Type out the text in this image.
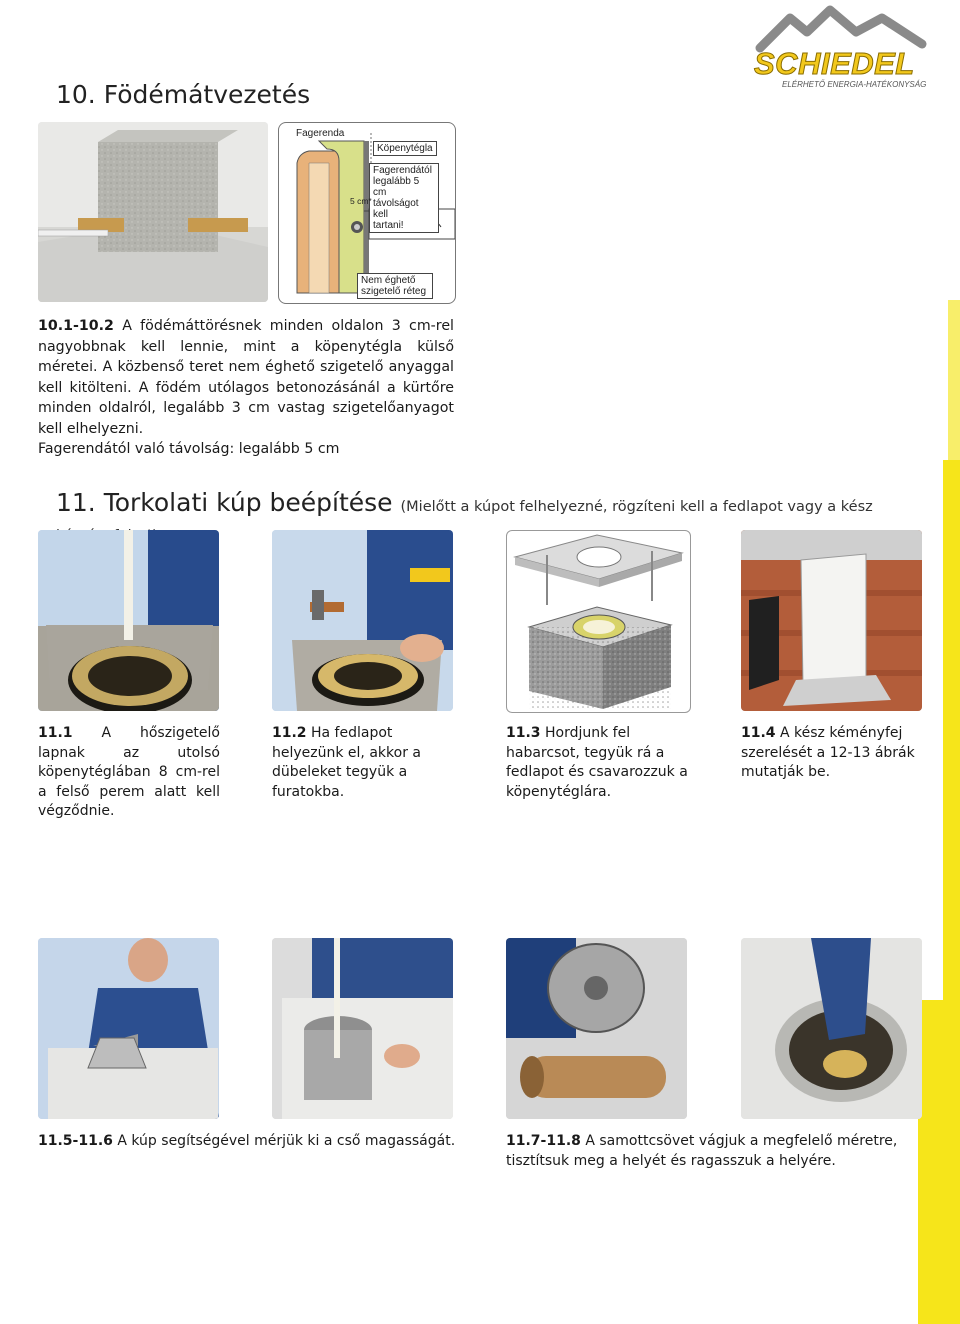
SCHIEDEL
ELÉRHETŐ ENERGIA-HATÉKONYSÁG
10. Födémátvezetés
Fagerenda
Köpenytégla
Fagerendától
legalább 5 cm
távolságot kell
tartani!
5 cm*
Nem éghető
szigetelő réteg

10.1-10.2 A födémáttörésnek minden oldalon 3 cm-rel nagyobbnak kell lennie, mint a köpenytégla külső méretei. A közbenső teret nem éghető szigetelő anyaggal kell kitölteni. A födém utólagos betonozásánál a kürtőre minden oldalról, legalább 3 cm vastag szigetelőanyagot kell elhelyezni.

Fagerendától való távolság: legalább 5 cm

11. Torkolati kúp beépítése (Mielőtt a kúpot felhelyezné, rögzíteni kell a fedlapot vagy a kész
11.1 A hőszigetelő lapnak az utolsó köpenytéglában 8 cm-rel a felső perem alatt kell végződnie.
11.2 Ha fedlapot helyezünk el, akkor a dübeleket tegyük a furatokba.
11.3 Hordjunk fel habarcsot, tegyük rá a fedlapot és csavarozzuk a köpenytéglára.
11.4 A kész kéményfej szerelését a 12-13 ábrák mutatják be.
11.5-11.6 A kúp segítségével mérjük ki a cső magasságát.	11.7-11.8 A samottcsövet vágjuk a megfelelő méretre, tisztítsuk meg a helyét és ragasszuk a helyére.
